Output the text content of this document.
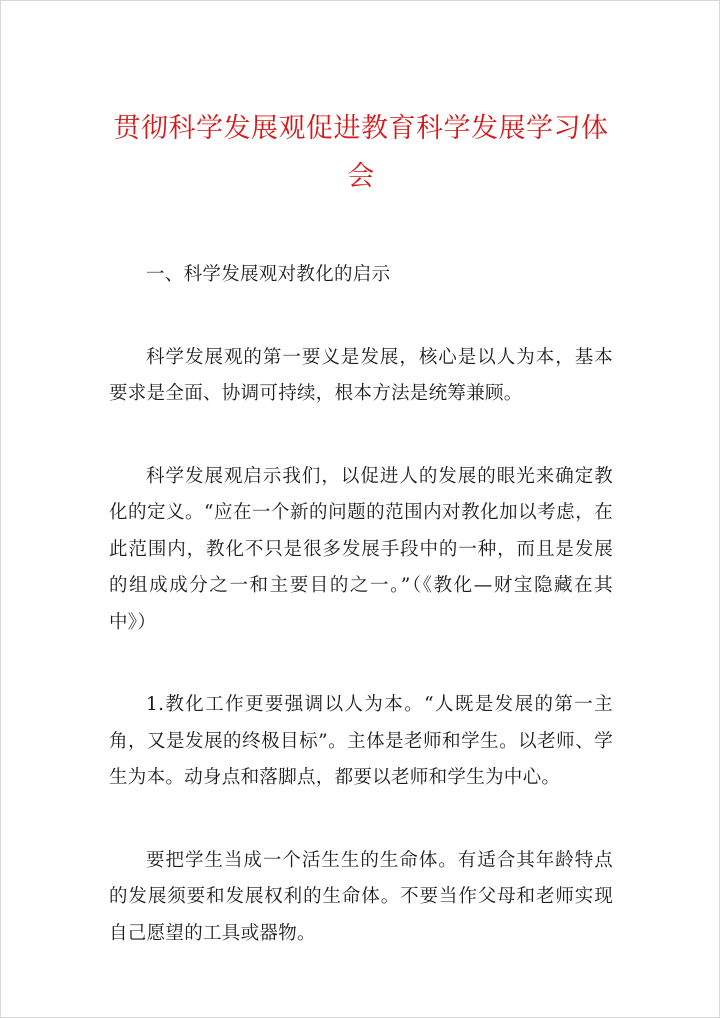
贯彻科学发展观促进教育科学发展学习体会

一、科学发展观对教化的启示

科学发展观的第一要义是发展，核心是以人为本，基本要求是全面、协调可持续，根本方法是统筹兼顾。

科学发展观启示我们，以促进人的发展的眼光来确定教化的定义。“应在一个新的问题的范围内对教化加以考虑，在此范围内，教化不只是很多发展手段中的一种，而且是发展的组成成分之一和主要目的之一。”（《教化—财宝隐藏在其中》）

1.教化工作更要强调以人为本。“人既是发展的第一主角，又是发展的终极目标”。主体是老师和学生。以老师、学生为本。动身点和落脚点，都要以老师和学生为中心。

要把学生当成一个活生生的生命体。有适合其年龄特点的发展须要和发展权利的生命体。不要当作父母和老师实现自己愿望的工具或器物。
